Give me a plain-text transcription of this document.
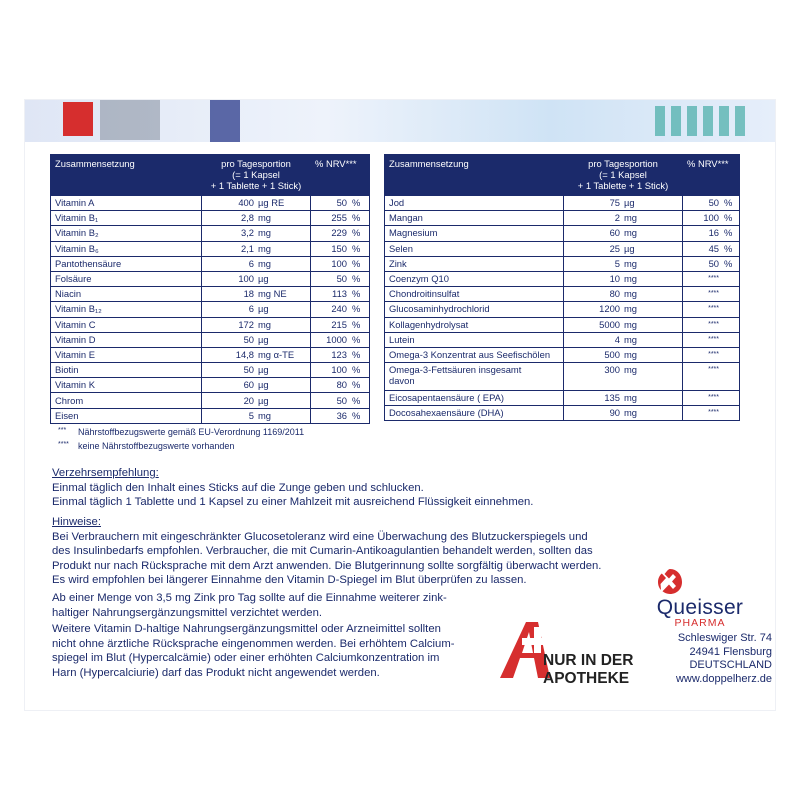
Zusammensetzung	pro Tagesportion
(= 1 Kapsel
+ 1 Tablette + 1 Stick)	% NRV***
Vitamin A	400 µg RE	50 %
Vitamin B₁	2,8 mg	255 %
Vitamin B₂	3,2 mg	229 %
Vitamin B₆	2,1 mg	150 %
Pantothensäure	6 mg	100 %
Folsäure	100 µg	50 %
Niacin	18 mg NE	113 %
Vitamin B₁₂	6 µg	240 %
Vitamin C	172 mg	215 %
Vitamin D	50 µg	1000 %
Vitamin E	14,8 mg α-TE	123 %
Biotin	50 µg	100 %
Vitamin K	60 µg	80 %
Chrom	20 µg	50 %
Eisen	5 mg	36 %
Zusammensetzung	pro Tagesportion
(= 1 Kapsel
+ 1 Tablette + 1 Stick)	% NRV***
Jod	75 µg	50 %
Mangan	2 mg	100 %
Magnesium	60 mg	16 %
Selen	25 µg	45 %
Zink	5 mg	50 %
Coenzym Q10	10 mg	****
Chondroitinsulfat	80 mg	****
Glucosaminhydrochlorid	1200 mg	****
Kollagenhydrolysat	5000 mg	****
Lutein	4 mg	****
Omega-3 Konzentrat aus Seefischölen	500 mg	****
Omega-3-Fettsäuren insgesamt
davon	300 mg	****
Eicosapentaensäure ( EPA)	135 mg	****
Docosahexaensäure (DHA)	90 mg	****
*** Nährstoffbezugswerte gemäß EU-Verordnung 1169/2011
**** keine Nährstoffbezugswerte vorhanden

Verzehrsempfehlung:

Einmal täglich den Inhalt eines Sticks auf die Zunge geben und schlucken.

Einmal täglich 1 Tablette und 1 Kapsel zu einer Mahlzeit mit ausreichend Flüssigkeit einnehmen.

Hinweise:

Bei Verbrauchern mit eingeschränkter Glucosetoleranz wird eine Überwachung des Blutzuckerspiegels und

des Insulinbedarfs empfohlen. Verbraucher, die mit Cumarin-Antikoagulantien behandelt werden, sollten das

Produkt nur nach Rücksprache mit dem Arzt anwenden. Die Blutgerinnung sollte sorgfältig überwacht werden.

Es wird empfohlen bei längerer Einnahme den Vitamin D-Spiegel im Blut überprüfen zu lassen.

Ab einer Menge von 3,5 mg Zink pro Tag sollte auf die Einnahme weiterer zink-

haltiger Nahrungsergänzungsmittel verzichtet werden.

Weitere Vitamin D-haltige Nahrungsergänzungsmittel oder Arzneimittel sollten

nicht ohne ärztliche Rücksprache eingenommen werden. Bei erhöhtem Calcium-

spiegel im Blut (Hypercalcämie) oder einer erhöhten Calciumkonzentration im

Harn (Hypercalciurie) darf das Produkt nicht angewendet werden.

NUR IN DER
APOTHEKE
Queisser
PHARMA
Schleswiger Str. 74
24941 Flensburg
DEUTSCHLAND
www.doppelherz.de
